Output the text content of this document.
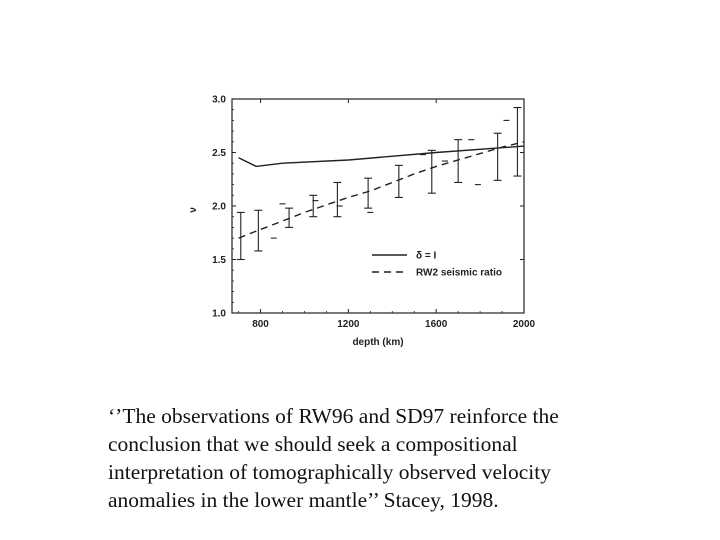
1.0
1.5
2.0
2.5
3.0
800	1200	1600	2000
depth (km)
ν
δ = I
RW2 seismic ratio

‘’The observations of RW96 and SD97 reinforce the
conclusion that we should seek a compositional
interpretation of tomographically observed velocity
anomalies in the lower mantle’’ Stacey, 1998.
